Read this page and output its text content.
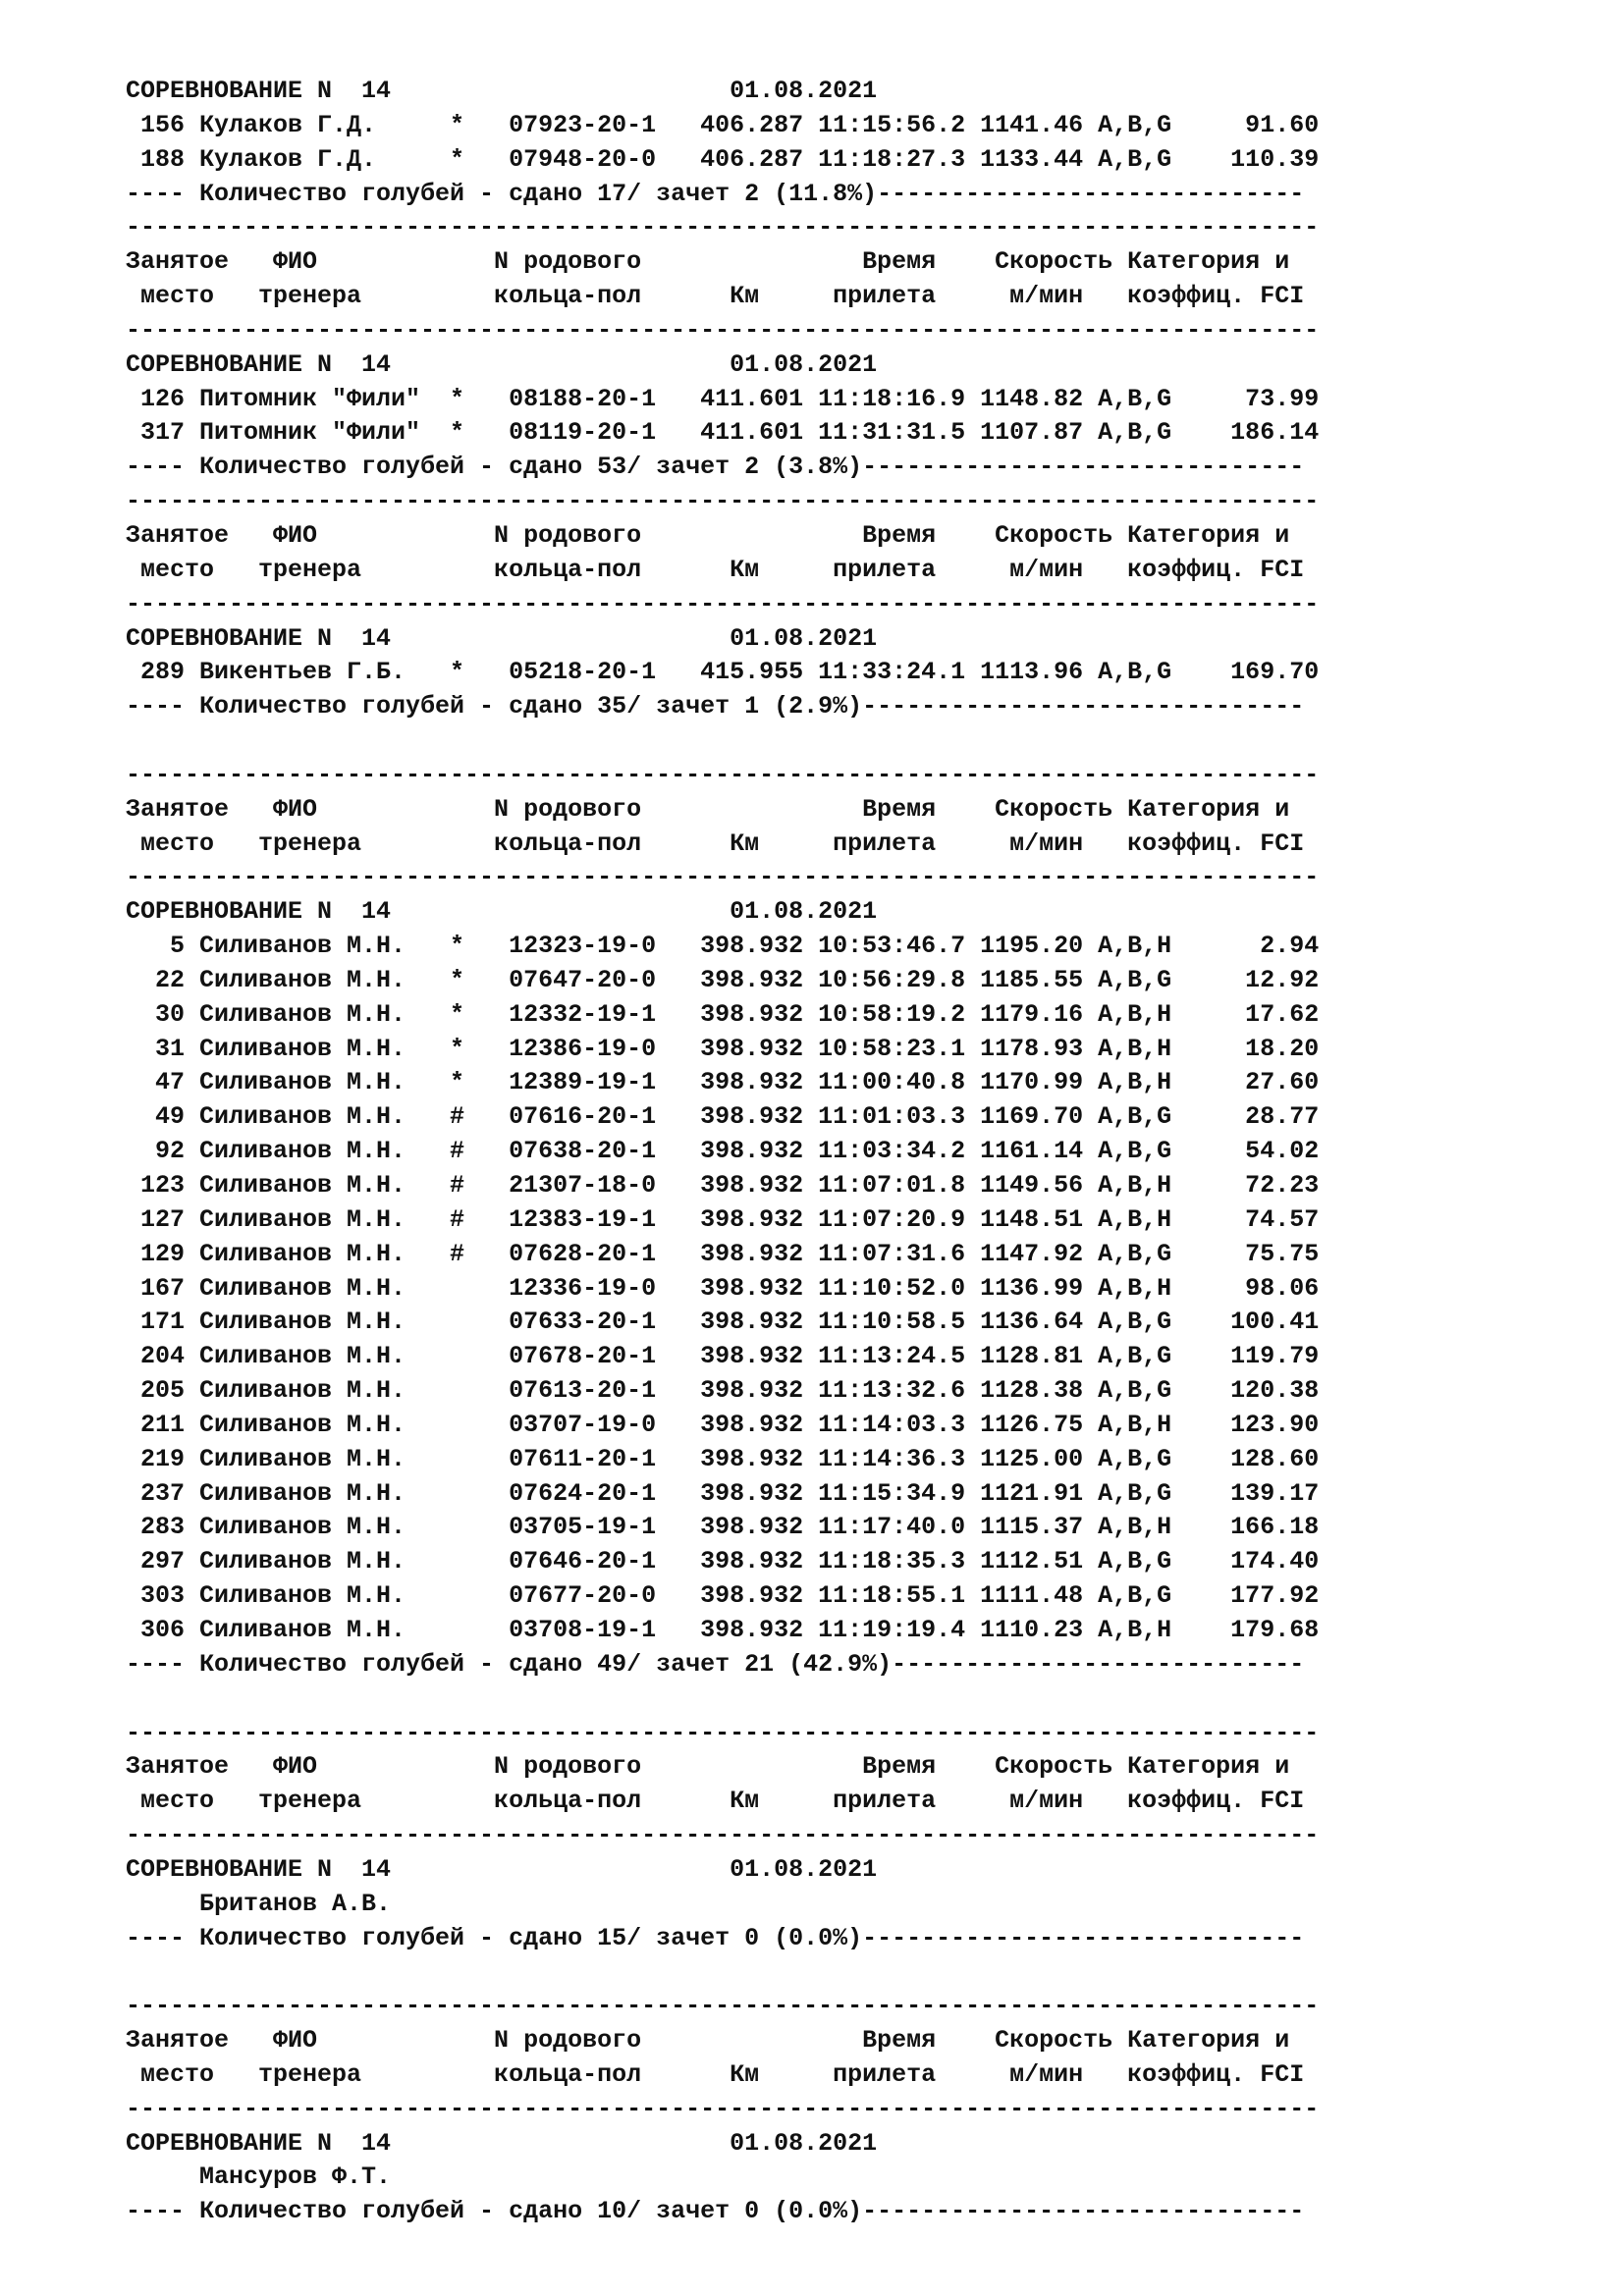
СОРЕВНОВАНИЕ N  14                       01.08.2021
156 Кулаков Г.Д.     *   07923-20-1   406.287 11:15:56.2 1141.46 A,B,G     91.60
188 Кулаков Г.Д.     *   07948-20-0   406.287 11:18:27.3 1133.44 A,B,G    110.39
---- Количество голубей - сдано 17/ зачет 2 (11.8%)-----------------------------
---------------------------------------------------------------------------------
Занятое   ФИО            N родового               Время    Скорость Категория и
место   тренера         кольца-пол      Км     прилета     м/мин   коэффиц. FCI
---------------------------------------------------------------------------------
СОРЕВНОВАНИЕ N  14                       01.08.2021
126 Питомник "Фили"  *   08188-20-1   411.601 11:18:16.9 1148.82 A,B,G     73.99
317 Питомник "Фили"  *   08119-20-1   411.601 11:31:31.5 1107.87 A,B,G    186.14
---- Количество голубей - сдано 53/ зачет 2 (3.8%)------------------------------
---------------------------------------------------------------------------------
Занятое   ФИО            N родового               Время    Скорость Категория и
место   тренера         кольца-пол      Км     прилета     м/мин   коэффиц. FCI
---------------------------------------------------------------------------------
СОРЕВНОВАНИЕ N  14                       01.08.2021
289 Викентьев Г.Б.   *   05218-20-1   415.955 11:33:24.1 1113.96 A,B,G    169.70
---- Количество голубей - сдано 35/ зачет 1 (2.9%)------------------------------
---------------------------------------------------------------------------------
Занятое   ФИО            N родового               Время    Скорость Категория и
место   тренера         кольца-пол      Км     прилета     м/мин   коэффиц. FCI
---------------------------------------------------------------------------------
СОРЕВНОВАНИЕ N  14                       01.08.2021
5 Силиванов М.Н.   *   12323-19-0   398.932 10:53:46.7 1195.20 A,B,H      2.94
22 Силиванов М.Н.   *   07647-20-0   398.932 10:56:29.8 1185.55 A,B,G     12.92
30 Силиванов М.Н.   *   12332-19-1   398.932 10:58:19.2 1179.16 A,B,H     17.62
31 Силиванов М.Н.   *   12386-19-0   398.932 10:58:23.1 1178.93 A,B,H     18.20
47 Силиванов М.Н.   *   12389-19-1   398.932 11:00:40.8 1170.99 A,B,H     27.60
49 Силиванов М.Н.   #   07616-20-1   398.932 11:01:03.3 1169.70 A,B,G     28.77
92 Силиванов М.Н.   #   07638-20-1   398.932 11:03:34.2 1161.14 A,B,G     54.02
123 Силиванов М.Н.   #   21307-18-0   398.932 11:07:01.8 1149.56 A,B,H     72.23
127 Силиванов М.Н.   #   12383-19-1   398.932 11:07:20.9 1148.51 A,B,H     74.57
129 Силиванов М.Н.   #   07628-20-1   398.932 11:07:31.6 1147.92 A,B,G     75.75
167 Силиванов М.Н.       12336-19-0   398.932 11:10:52.0 1136.99 A,B,H     98.06
171 Силиванов М.Н.       07633-20-1   398.932 11:10:58.5 1136.64 A,B,G    100.41
204 Силиванов М.Н.       07678-20-1   398.932 11:13:24.5 1128.81 A,B,G    119.79
205 Силиванов М.Н.       07613-20-1   398.932 11:13:32.6 1128.38 A,B,G    120.38
211 Силиванов М.Н.       03707-19-0   398.932 11:14:03.3 1126.75 A,B,H    123.90
219 Силиванов М.Н.       07611-20-1   398.932 11:14:36.3 1125.00 A,B,G    128.60
237 Силиванов М.Н.       07624-20-1   398.932 11:15:34.9 1121.91 A,B,G    139.17
283 Силиванов М.Н.       03705-19-1   398.932 11:17:40.0 1115.37 A,B,H    166.18
297 Силиванов М.Н.       07646-20-1   398.932 11:18:35.3 1112.51 A,B,G    174.40
303 Силиванов М.Н.       07677-20-0   398.932 11:18:55.1 1111.48 A,B,G    177.92
306 Силиванов М.Н.       03708-19-1   398.932 11:19:19.4 1110.23 A,B,H    179.68
---- Количество голубей - сдано 49/ зачет 21 (42.9%)----------------------------
---------------------------------------------------------------------------------
Занятое   ФИО            N родового               Время    Скорость Категория и
место   тренера         кольца-пол      Км     прилета     м/мин   коэффиц. FCI
---------------------------------------------------------------------------------
СОРЕВНОВАНИЕ N  14                       01.08.2021
Британов А.В.
---- Количество голубей - сдано 15/ зачет 0 (0.0%)------------------------------
---------------------------------------------------------------------------------
Занятое   ФИО            N родового               Время    Скорость Категория и
место   тренера         кольца-пол      Км     прилета     м/мин   коэффиц. FCI
---------------------------------------------------------------------------------
СОРЕВНОВАНИЕ N  14                       01.08.2021
Мансуров Ф.Т.
---- Количество голубей - сдано 10/ зачет 0 (0.0%)------------------------------
